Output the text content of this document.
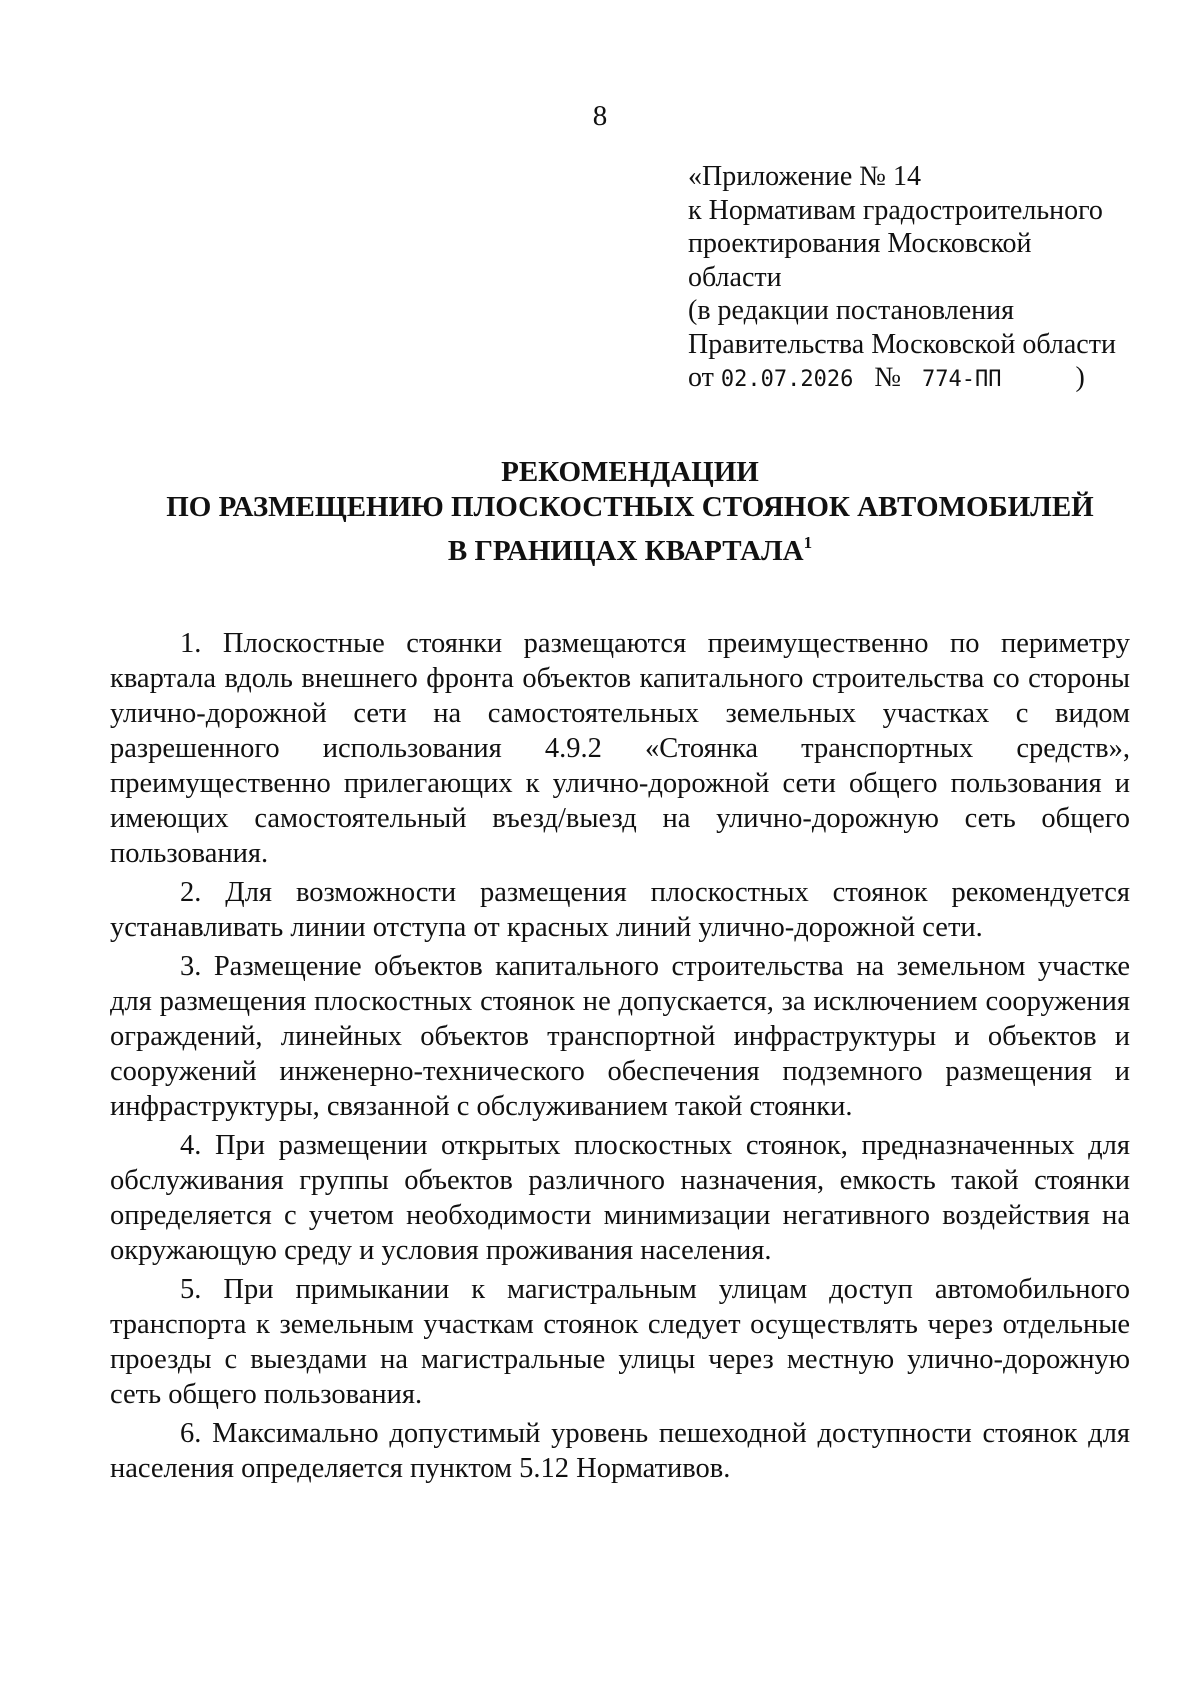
8
«Приложение № 14
к Нормативам градостроительного
проектирования Московской
области
(в редакции постановления
Правительства Московской области
от 02.07.2026 № 774-ПП	)
РЕКОМЕНДАЦИИ
ПО РАЗМЕЩЕНИЮ ПЛОСКОСТНЫХ СТОЯНОК АВТОМОБИЛЕЙ
В ГРАНИЦАХ КВАРТАЛА$^1$

1. Плоскостные стоянки размещаются преимущественно по периметру квартала вдоль внешнего фронта объектов капитального строительства со стороны улично-дорожной сети на самостоятельных земельных участках с видом разрешенного использования 4.9.2 «Стоянка транспортных средств», преимущественно прилегающих к улично-дорожной сети общего пользования и имеющих самостоятельный въезд/выезд на улично-дорожную сеть общего пользования.

2. Для возможности размещения плоскостных стоянок рекомендуется устанавливать линии отступа от красных линий улично-дорожной сети.

3. Размещение объектов капитального строительства на земельном участке для размещения плоскостных стоянок не допускается, за исключением сооружения ограждений, линейных объектов транспортной инфраструктуры и объектов и сооружений инженерно-технического обеспечения подземного размещения и инфраструктуры, связанной с обслуживанием такой стоянки.

4. При размещении открытых плоскостных стоянок, предназначенных для обслуживания группы объектов различного назначения, емкость такой стоянки определяется с учетом необходимости минимизации негативного воздействия на окружающую среду и условия проживания населения.

5. При примыкании к магистральным улицам доступ автомобильного транспорта к земельным участкам стоянок следует осуществлять через отдельные проезды с выездами на магистральные улицы через местную улично-дорожную сеть общего пользования.

6. Максимально допустимый уровень пешеходной доступности стоянок для населения определяется пунктом 5.12 Нормативов.
